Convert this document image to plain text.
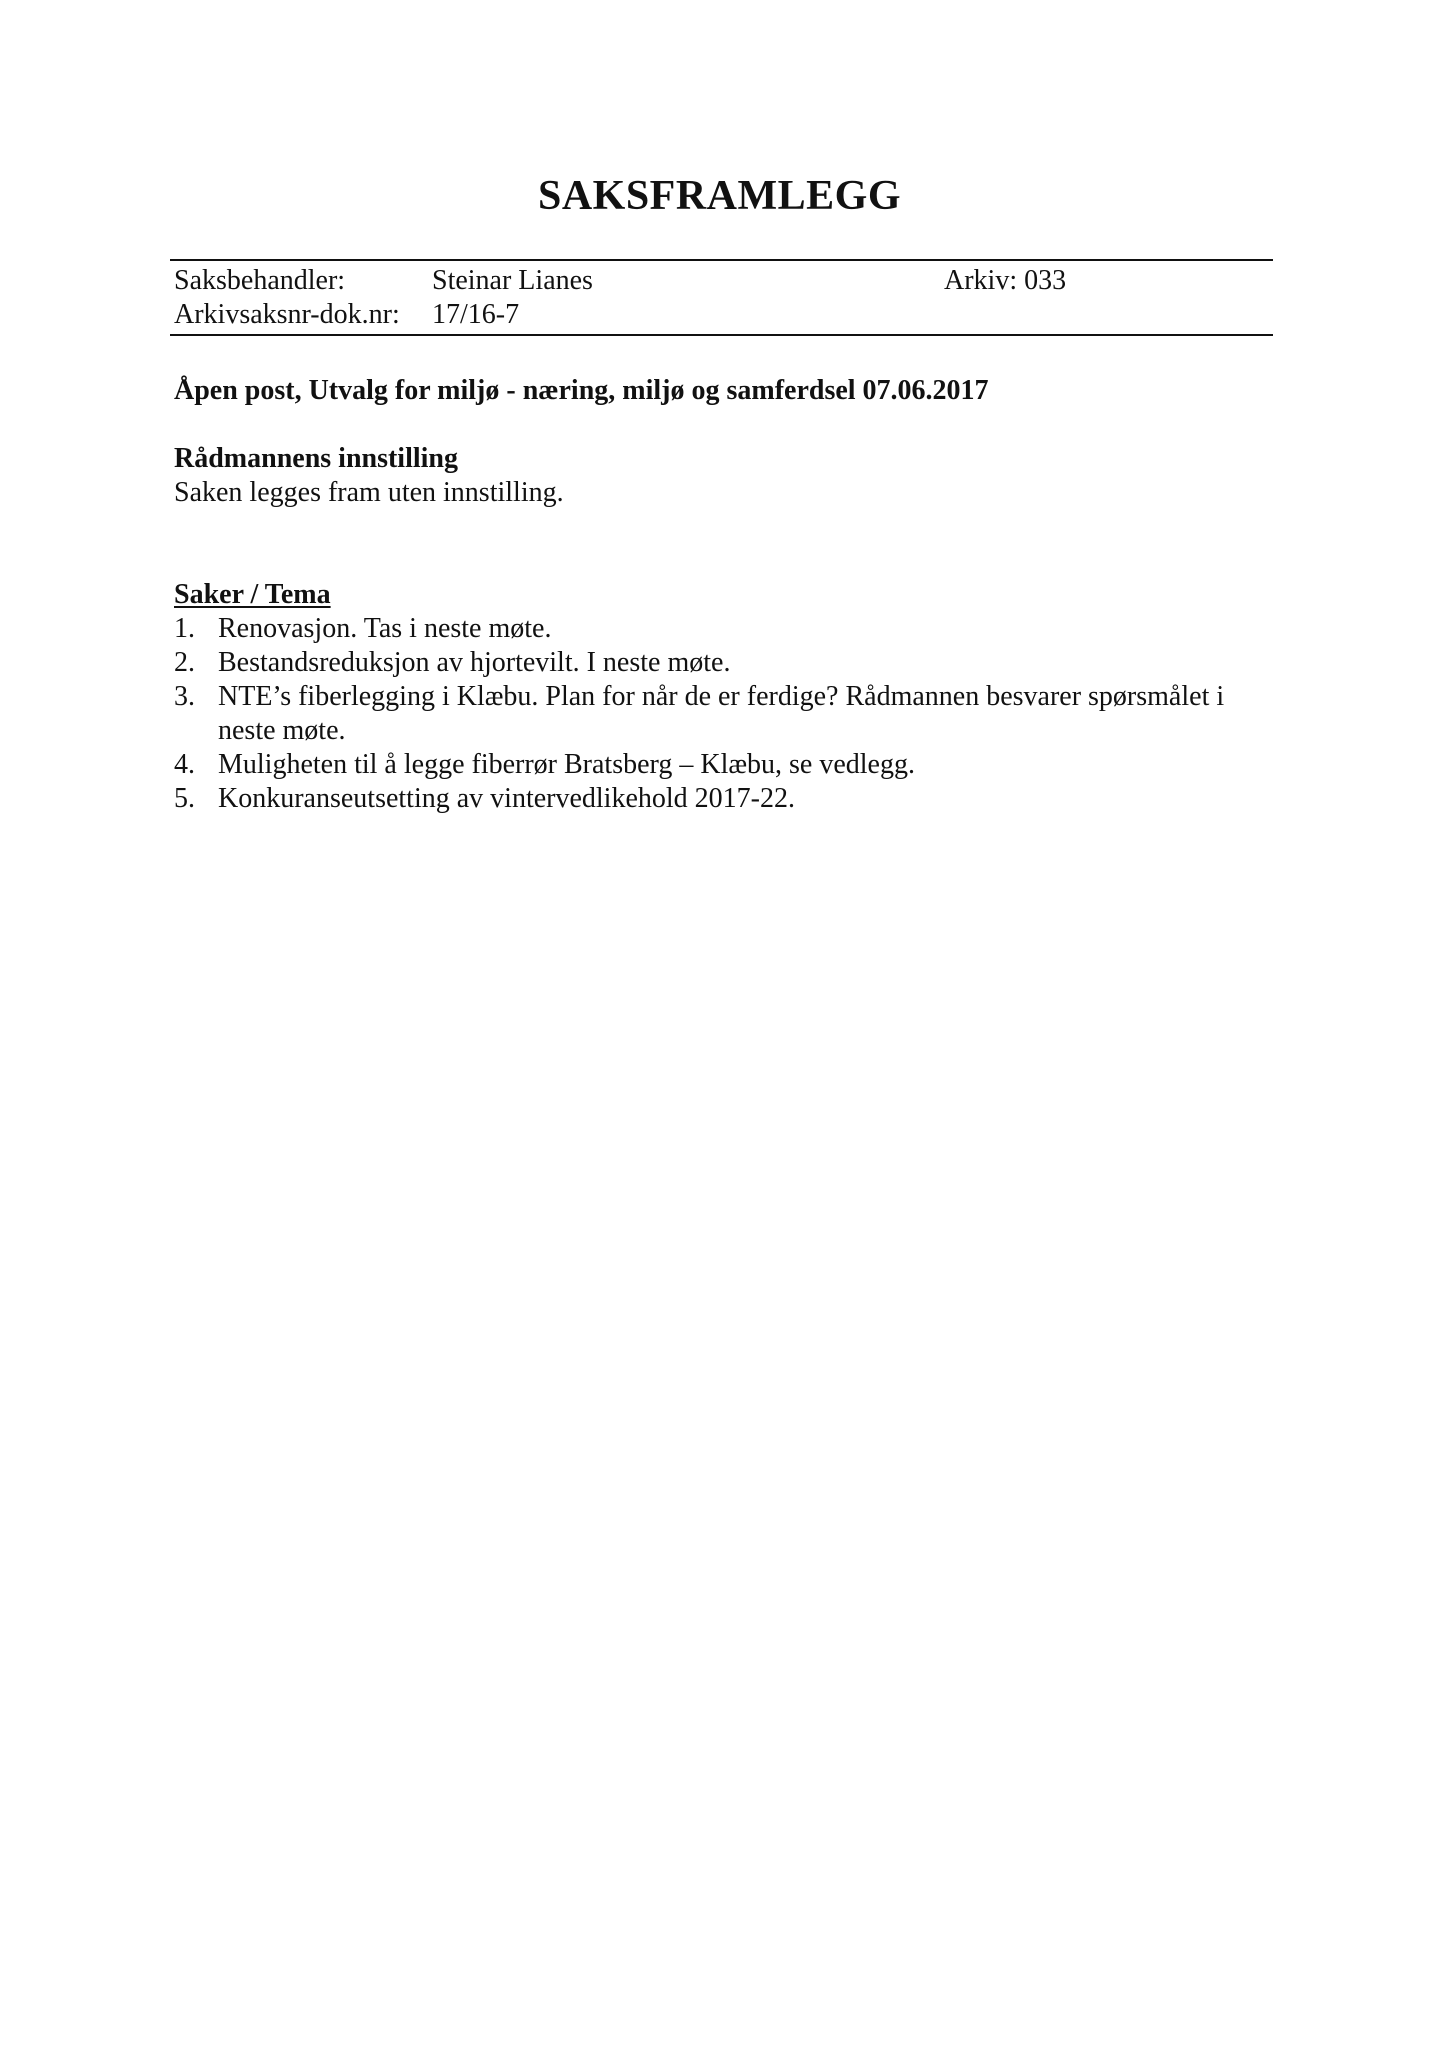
SAKSFRAMLEGG
Saksbehandler:	Steinar Lianes	Arkiv: 033
Arkivsaksnr-dok.nr: 17/16-7
Åpen post, Utvalg for miljø - næring, miljø og samferdsel 07.06.2017
Rådmannens innstilling
Saken legges fram uten innstilling.
Saker / Tema
1. Renovasjon. Tas i neste møte.
2. Bestandsreduksjon av hjortevilt. I neste møte.
3. NTE’s fiberlegging i Klæbu. Plan for når de er ferdige? Rådmannen besvarer spørsmålet i neste møte.
4. Muligheten til å legge fiberrør Bratsberg – Klæbu, se vedlegg.
5. Konkuranseutsetting av vintervedlikehold 2017-22.
